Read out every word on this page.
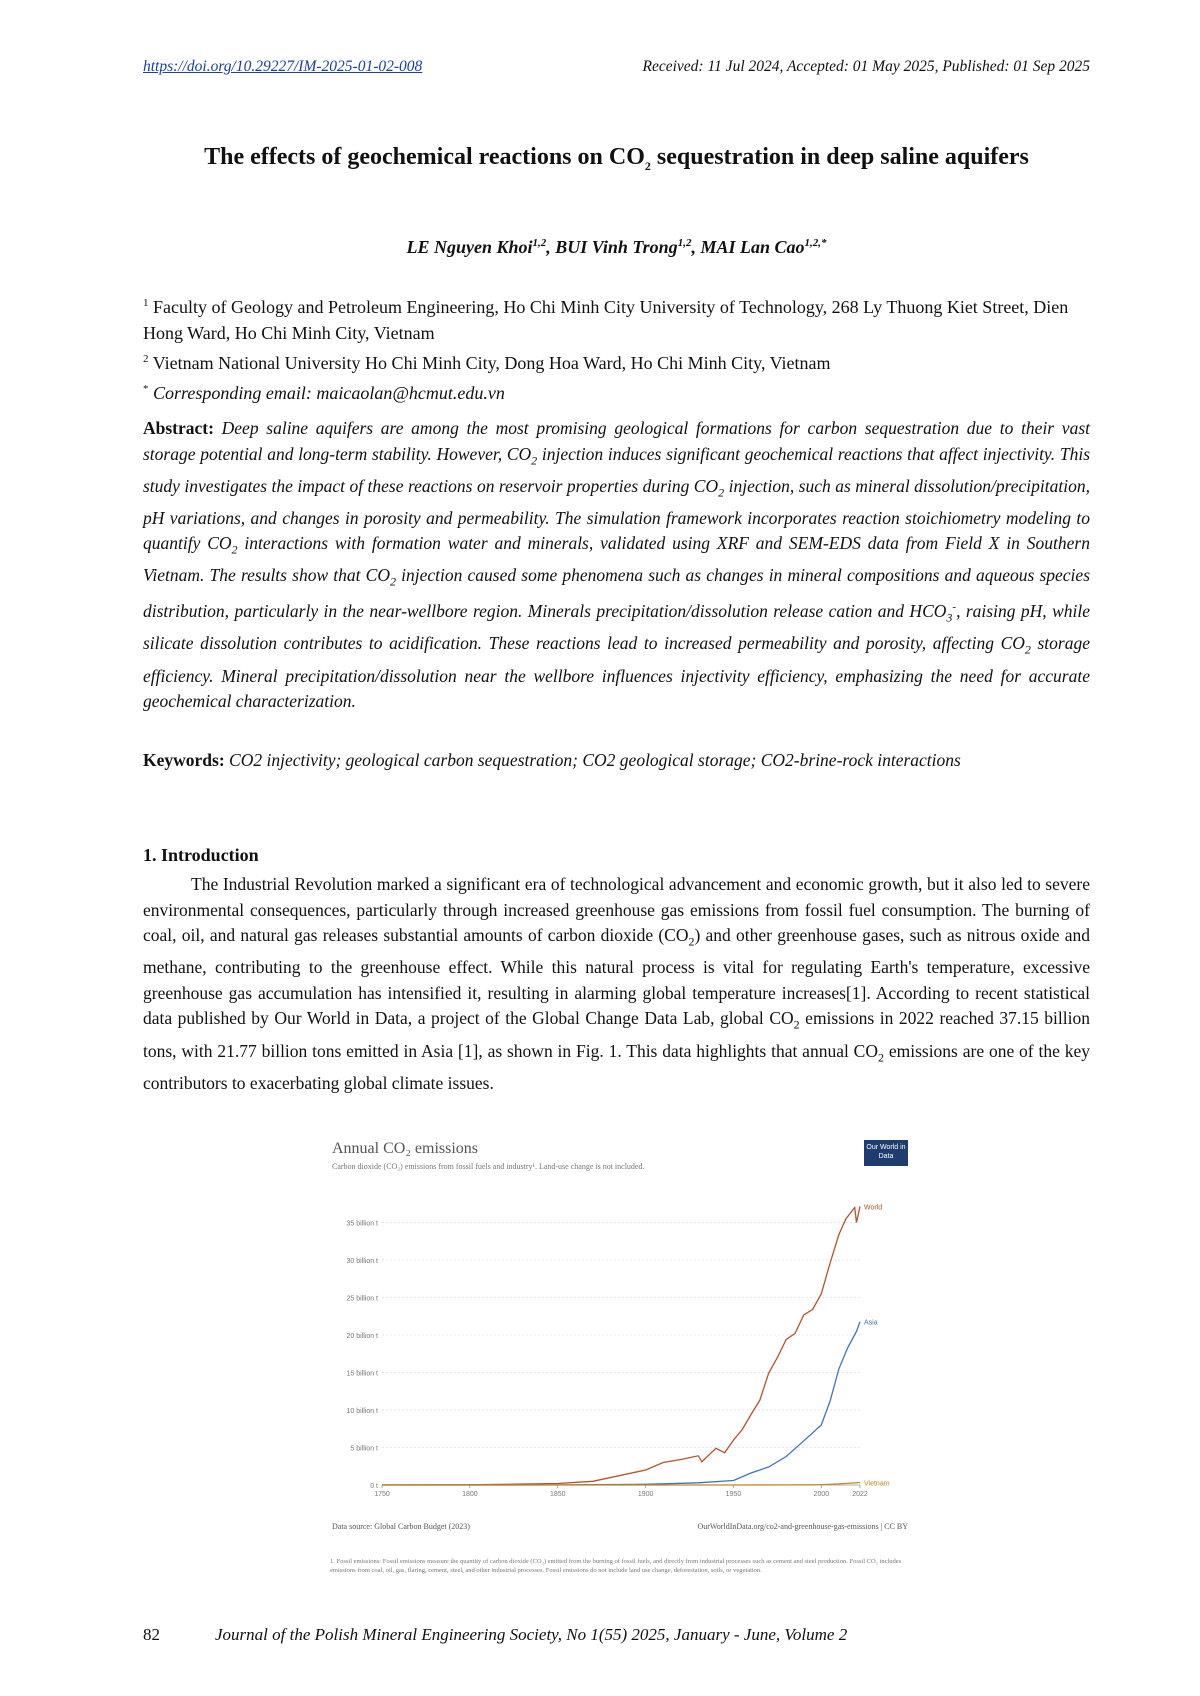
https://doi.org/10.29227/IM-2025-01-02-008	Received: 11 Jul 2024, Accepted: 01 May 2025, Published: 01 Sep 2025
The effects of geochemical reactions on $CO_2$ sequestration in deep saline aquifers
LE Nguyen Khoi$^{1,2}$, BUI Vinh Trong$^{1,2}$, MAI Lan Cao$^{1,2,*}$

$^1$ Faculty of Geology and Petroleum Engineering, Ho Chi Minh City University of Technology, 268 Ly Thuong Kiet Street, Dien Hong Ward, Ho Chi Minh City, Vietnam

$^2$ Vietnam National University Ho Chi Minh City, Dong Hoa Ward, Ho Chi Minh City, Vietnam

* Corresponding email: maicaolan@hcmut.edu.vn

Abstract: Deep saline aquifers are among the most promising geological formations for carbon sequestration due to their vast storage potential and long-term stability. However, $CO_2$ injection induces significant geochemical reactions that affect injectivity. This study investigates the impact of these reactions on reservoir properties during $CO_2$ injection, such as mineral dissolution/precipitation, pH variations, and changes in porosity and permeability. The simulation framework incorporates reaction stoichiometry modeling to quantify $CO_2$ interactions with formation water and minerals, validated using XRF and SEM-EDS data from Field X in Southern Vietnam. The results show that $CO_2$ injection caused some phenomena such as changes in mineral compositions and aqueous species distribution, particularly in the near-wellbore region. Minerals precipitation/dissolution release cation and $HCO_3^-$, raising pH, while silicate dissolution contributes to acidification. These reactions lead to increased permeability and porosity, affecting $CO_2$ storage efficiency. Mineral precipitation/dissolution near the wellbore influences injectivity efficiency, emphasizing the need for accurate geochemical characterization.
Keywords: CO2 injectivity; geological carbon sequestration; CO2 geological storage; CO2-brine-rock interactions
1. Introduction
The Industrial Revolution marked a significant era of technological advancement and economic growth, but it also led to severe environmental consequences, particularly through increased greenhouse gas emissions from fossil fuel consumption. The burning of coal, oil, and natural gas releases substantial amounts of carbon dioxide $(CO_2)$ and other greenhouse gases, such as nitrous oxide and methane, contributing to the greenhouse effect. While this natural process is vital for regulating Earth's temperature, excessive greenhouse gas accumulation has intensified it, resulting in alarming global temperature increases[1]. According to recent statistical data published by Our World in Data, a project of the Global Change Data Lab, global $CO_2$ emissions in 2022 reached 37.15 billion tons, with 21.77 billion tons emitted in Asia [1], as shown in Fig. 1. This data highlights that annual $CO_2$ emissions are one of the key contributors to exacerbating global climate issues.
Annual CO₂ emissions
Carbon dioxide (CO₂) emissions from fossil fuels and industry¹. Land-use change is not included.
Our World in Data
0 t
5 billion t
10 billion t
15 billion t
20 billion t
25 billion t
30 billion t
35 billion t
1750	1800	1850	1900	1950	2000	2022
World
Asia
Vietnam
Data source: Global Carbon Budget (2023)	OurWorldInData.org/co2-and-greenhouse-gas-emissions | CC BY
1. Fossil emissions: Fossil emissions measure the quantity of carbon dioxide (CO₂) emitted from the burning of fossil fuels, and directly from industrial processes such as cement and steel production. Fossil CO₂ includes emissions from coal, oil, gas, flaring, cement, steel, and other industrial processes. Fossil emissions do not include land use change, deforestation, soils, or vegetation.
82	Journal of the Polish Mineral Engineering Society, No 1(55) 2025, January - June, Volume 2
